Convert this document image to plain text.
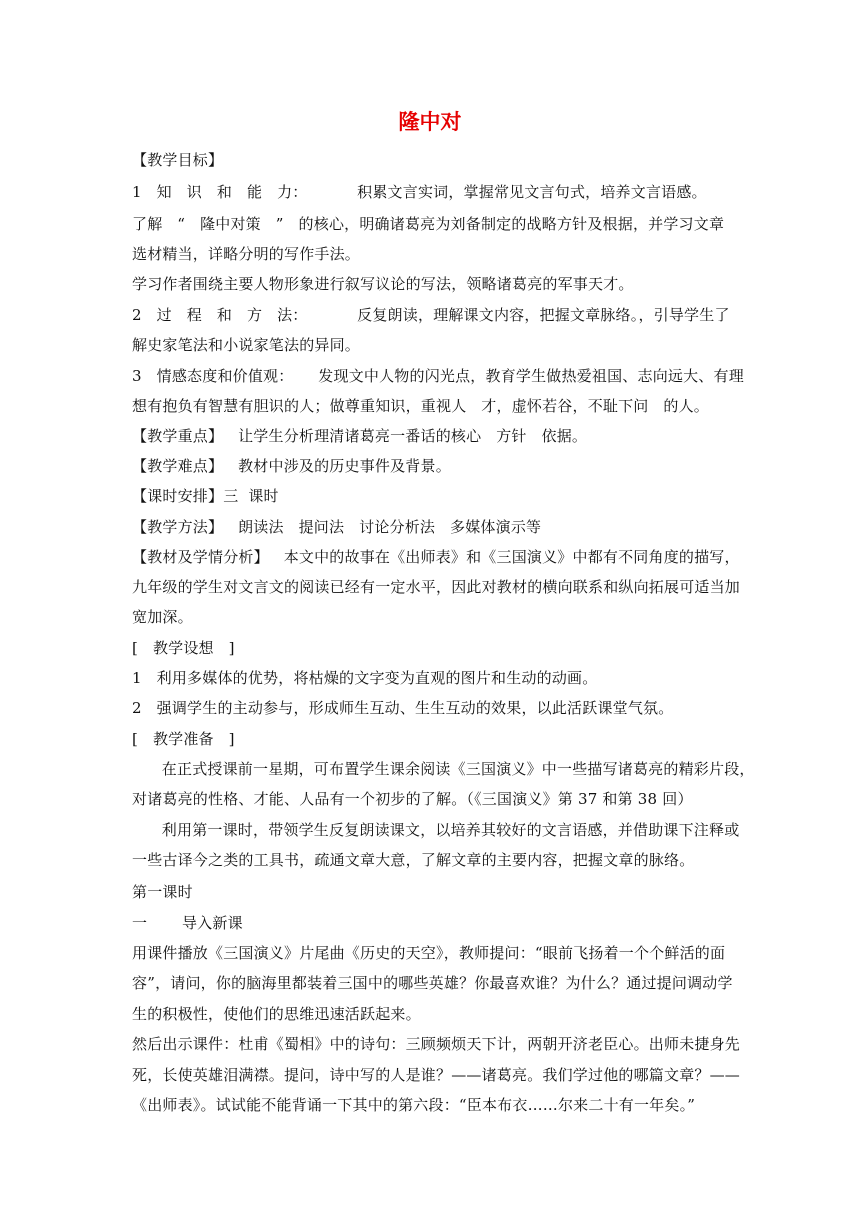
隆中对
【教学目标】
1   知   识   和   能   力：          积累文言实词，掌握常见文言句式，培养文言语感。
了解   “   隆中对策   ”   的核心，明确诸葛亮为刘备制定的战略方针及根据，并学习文章
选材精当，详略分明的写作手法。
学习作者围绕主要人物形象进行叙写议论的写法，领略诸葛亮的军事天才。
2   过   程   和   方   法：          反复朗读，理解课文内容，把握文章脉络。，引导学生了
解史家笔法和小说家笔法的异同。
3   情感态度和价值观：     发现文中人物的闪光点，教育学生做热爱祖国、志向远大、有理
想有抱负有智慧有胆识的人；做尊重知识，重视人   才，虚怀若谷，不耻下问   的人。
【教学重点】   让学生分析理清诸葛亮一番话的核心   方针   依据。
【教学难点】   教材中涉及的历史事件及背景。
【课时安排】三  课时
【教学方法】   朗读法   提问法   讨论分析法   多媒体演示等
【教材及学情分析】   本文中的故事在《出师表》和《三国演义》中都有不同角度的描写，
九年级的学生对文言文的阅读已经有一定水平，因此对教材的横向联系和纵向拓展可适当加
宽加深。
[   教学设想   ]
1   利用多媒体的优势，将枯燥的文字变为直观的图片和生动的动画。
2   强调学生的主动参与，形成师生互动、生生互动的效果，以此活跃课堂气氛。
[   教学准备   ]
在正式授课前一星期，可布置学生课余阅读《三国演义》中一些描写诸葛亮的精彩片段，
对诸葛亮的性格、才能、人品有一个初步的了解。（《三国演义》第 37 和第 38 回）
利用第一课时，带领学生反复朗读课文，以培养其较好的文言语感，并借助课下注释或
一些古译今之类的工具书，疏通文章大意，了解文章的主要内容，把握文章的脉络。
第一课时
一       导入新课
用课件播放《三国演义》片尾曲《历史的天空》，教师提问：“眼前飞扬着一个个鲜活的面
容”，请问，你的脑海里都装着三国中的哪些英雄？你最喜欢谁？为什么？通过提问调动学
生的积极性，使他们的思维迅速活跃起来。
然后出示课件：杜甫《蜀相》中的诗句：三顾频烦天下计，两朝开济老臣心。出师未捷身先
死，长使英雄泪满襟。提问，诗中写的人是谁？——诸葛亮。我们学过他的哪篇文章？——
《出师表》。试试能不能背诵一下其中的第六段：“臣本布衣……尔来二十有一年矣。”
